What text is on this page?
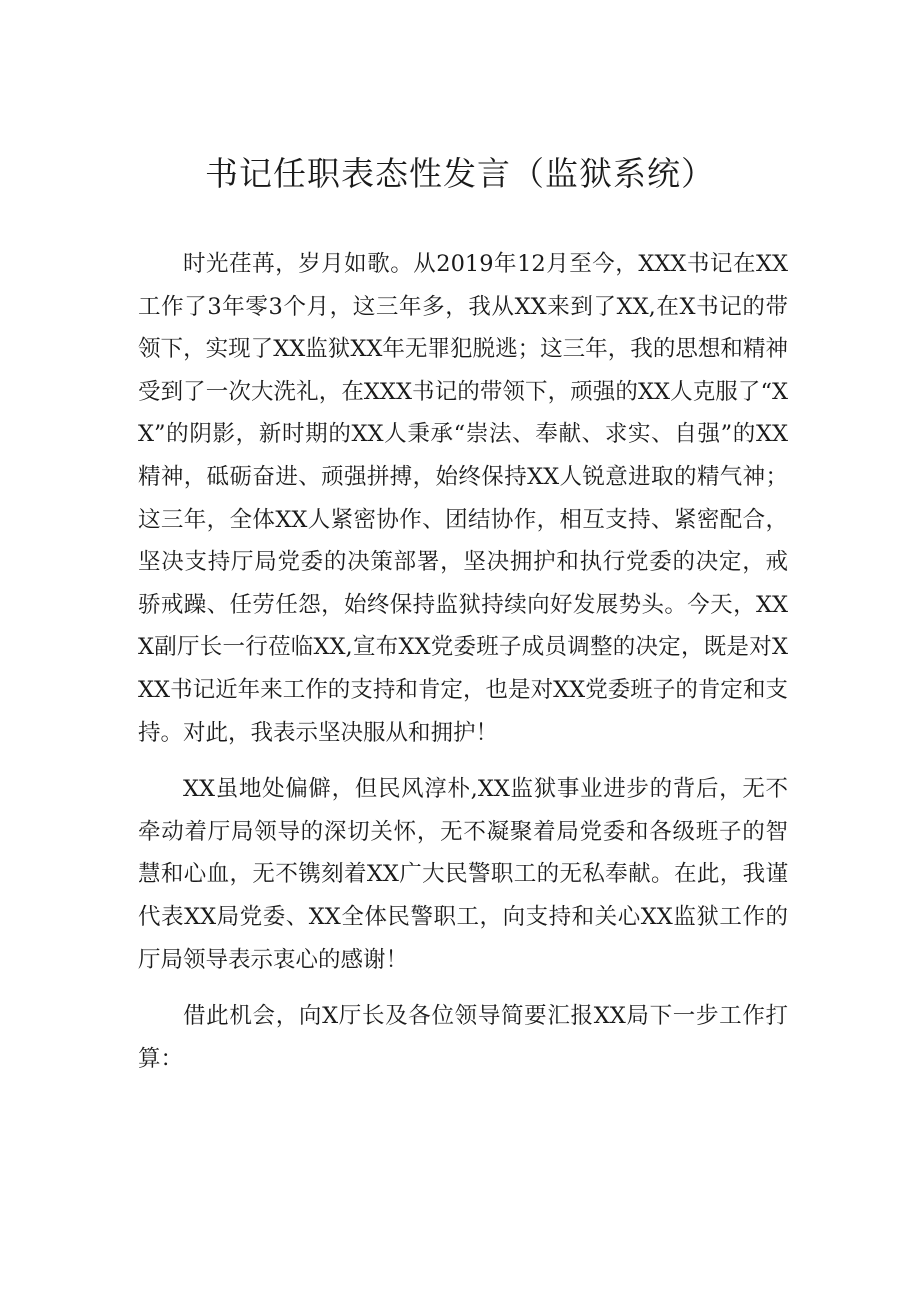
书记任职表态性发言（监狱系统）

时光荏苒，岁月如歌。从2019年12月至今，XXX书记在XX工作了3年零3个月，这三年多，我从XX来到了XX,在X书记的带领下，实现了XX监狱XX年无罪犯脱逃；这三年，我的思想和精神受到了一次大洗礼，在XXX书记的带领下，顽强的XX人克服了“XX”的阴影，新时期的XX人秉承“崇法、奉献、求实、自强”的XX精神，砥砺奋进、顽强拼搏，始终保持XX人锐意进取的精气神；这三年，全体XX人紧密协作、团结协作，相互支持、紧密配合，坚决支持厅局党委的决策部署，坚决拥护和执行党委的决定，戒骄戒躁、任劳任怨，始终保持监狱持续向好发展势头。今天，XXX副厅长一行莅临XX,宣布XX党委班子成员调整的决定，既是对XXX书记近年来工作的支持和肯定，也是对XX党委班子的肯定和支持。对此，我表示坚决服从和拥护！

XX虽地处偏僻，但民风淳朴,XX监狱事业进步的背后，无不牵动着厅局领导的深切关怀，无不凝聚着局党委和各级班子的智慧和心血，无不镌刻着XX广大民警职工的无私奉献。在此，我谨代表XX局党委、XX全体民警职工，向支持和关心XX监狱工作的厅局领导表示衷心的感谢！

借此机会，向X厅长及各位领导简要汇报XX局下一步工作打算：
